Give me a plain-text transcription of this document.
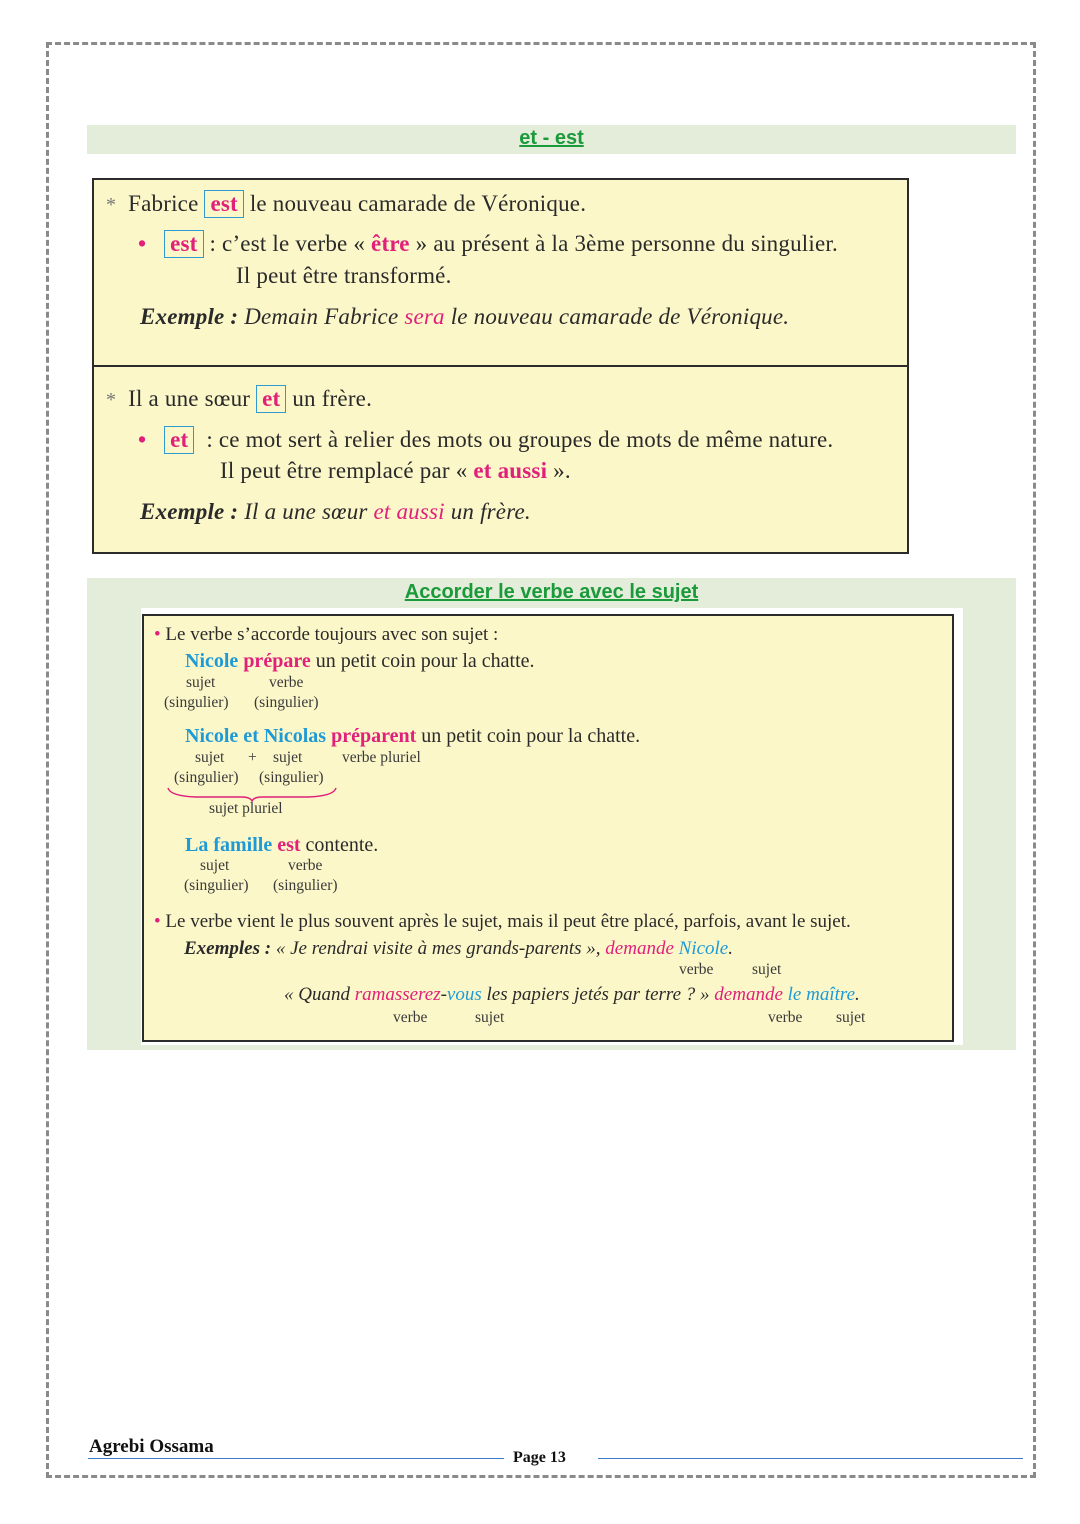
et - est
* Fabrice est le nouveau camarade de Véronique.
• est : c’est le verbe « être » au présent à la 3ème personne du singulier.
Il peut être transformé.
Exemple : Demain Fabrice sera le nouveau camarade de Véronique.
* Il a une sœur et un frère.
• et : ce mot sert à relier des mots ou groupes de mots de même nature.
Il peut être remplacé par « et aussi ».
Exemple : Il a une sœur et aussi un frère.
Accorder le verbe avec le sujet
• Le verbe s’accorde toujours avec son sujet :
Nicole prépare un petit coin pour la chatte.
sujet	verbe
(singulier) (singulier)
Nicole et Nicolas préparent un petit coin pour la chatte.
sujet + sujet	verbe pluriel
(singulier) (singulier)
sujet pluriel
La famille est contente.
sujet	verbe
(singulier) (singulier)
• Le verbe vient le plus souvent après le sujet, mais il peut être placé, parfois, avant le sujet.
Exemples : « Je rendrai visite à mes grands-parents », demande Nicole.
verbe sujet
« Quand ramasserez-vous les papiers jetés par terre ? » demande le maître.
verbe	sujet	verbe sujet
Agrebi Ossama
Page 13
